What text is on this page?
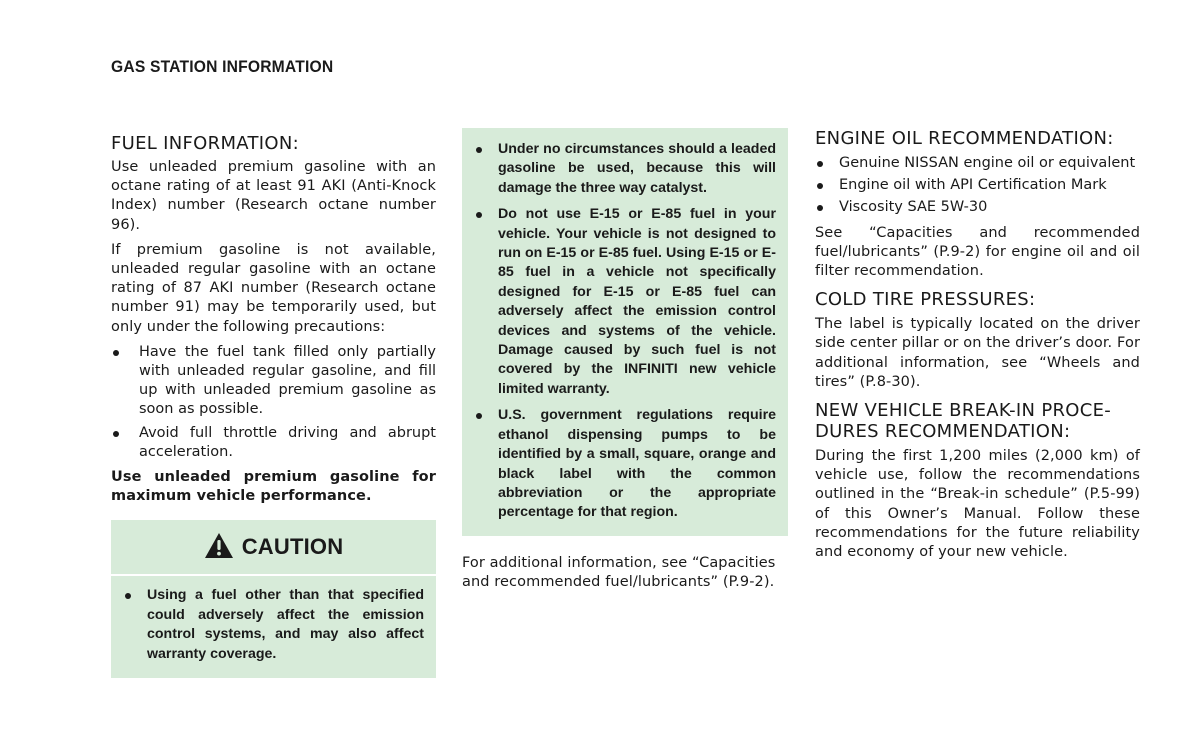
GAS STATION INFORMATION
FUEL INFORMATION:

Use unleaded premium gasoline with an octane rating of at least 91 AKI (Anti-Knock Index) number (Research octane number 96).

If premium gasoline is not available, unleaded regular gasoline with an octane rating of 87 AKI number (Research octane number 91) may be temporarily used, but only under the following precautions:

Have the fuel tank filled only partially with unleaded regular gasoline, and fill up with unleaded premium gasoline as soon as possible.
Avoid full throttle driving and abrupt acceleration.

Use unleaded premium gasoline for maximum vehicle performance.

CAUTION
Using a fuel other than that specified could adversely affect the emission control systems, and may also affect warranty coverage.
Under no circumstances should a leaded gasoline be used, because this will damage the three way catalyst.
Do not use E-15 or E-85 fuel in your vehicle. Your vehicle is not designed to run on E-15 or E-85 fuel. Using E-15 or E-85 fuel in a vehicle not specifically designed for E-15 or E-85 fuel can adversely affect the emission control devices and systems of the vehicle. Damage caused by such fuel is not covered by the INFINITI new vehicle limited warranty.
U.S. government regulations require ethanol dispensing pumps to be identified by a small, square, orange and black label with the common abbreviation or the appropriate percentage for that region.

For additional information, see “Capacities and recommended fuel/lubricants” (P.9-2).

ENGINE OIL RECOMMENDATION:
Genuine NISSAN engine oil or equivalent
Engine oil with API Certification Mark
Viscosity SAE 5W-30

See “Capacities and recommended fuel/lubricants” (P.9-2) for engine oil and oil filter recommendation.

COLD TIRE PRESSURES:

The label is typically located on the driver side center pillar or on the driver’s door. For additional information, see “Wheels and tires” (P.8-30).

NEW VEHICLE BREAK-IN PROCE-
DURES RECOMMENDATION:

During the first 1,200 miles (2,000 km) of vehicle use, follow the recommendations outlined in the “Break-in schedule” (P.5-99) of this Owner’s Manual. Follow these recommendations for the future reliability and economy of your new vehicle.
